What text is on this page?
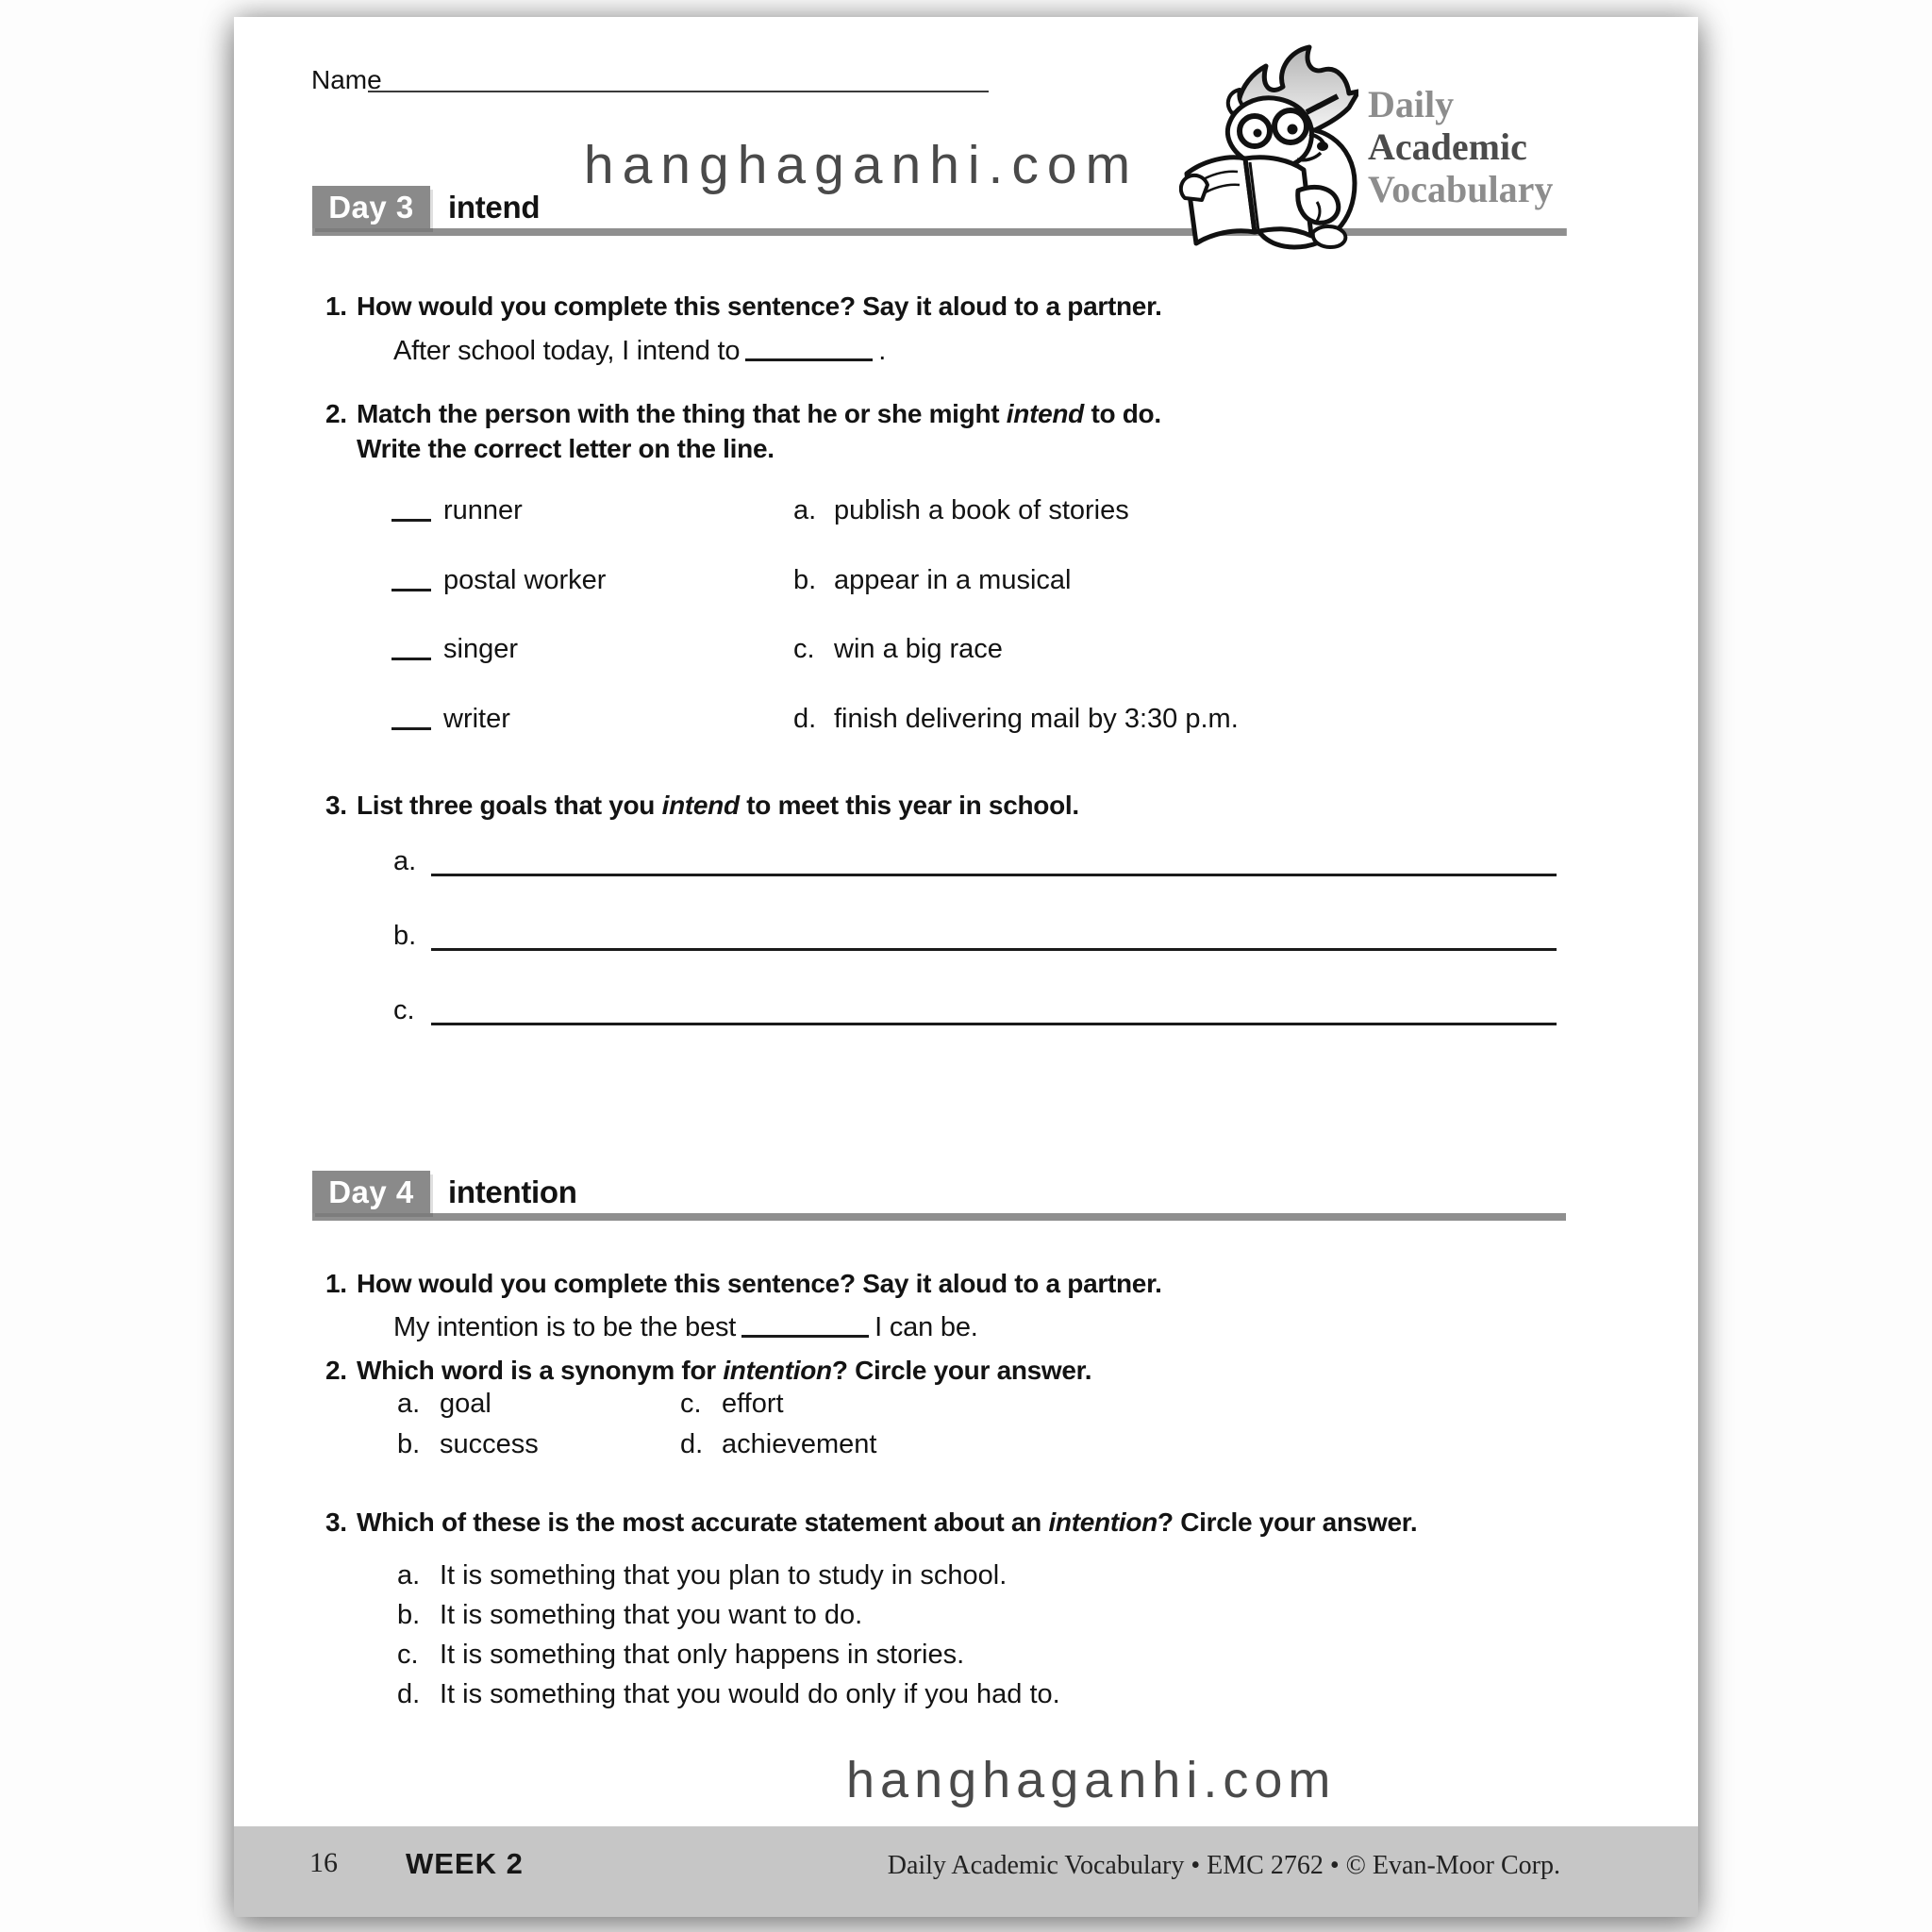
Name
hanghaganhi.com
Daily
Academic
Vocabulary
Day 3	intend
1. How would you complete this sentence? Say it aloud to a partner.
After school today, I intend to	.
2. Match the person with the thing that he or she might intend to do.
Write the correct letter on the line.
runner	a. publish a book of stories
postal worker	b. appear in a musical
singer	c. win a big race
writer	d. finish delivering mail by 3:30 p.m.
3. List three goals that you intend to meet this year in school.
a.
b.
c.
Day 4	intention
1. How would you complete this sentence? Say it aloud to a partner.
My intention is to be the best	I can be.
2. Which word is a synonym for intention? Circle your answer.
a. goal	c. effort
b. success	d. achievement
3. Which of these is the most accurate statement about an intention? Circle your answer.
a. It is something that you plan to study in school.
b. It is something that you want to do.
c. It is something that only happens in stories.
d. It is something that you would do only if you had to.
hanghaganhi.com
16 WEEK 2	Daily Academic Vocabulary • EMC 2762 • © Evan-Moor Corp.
